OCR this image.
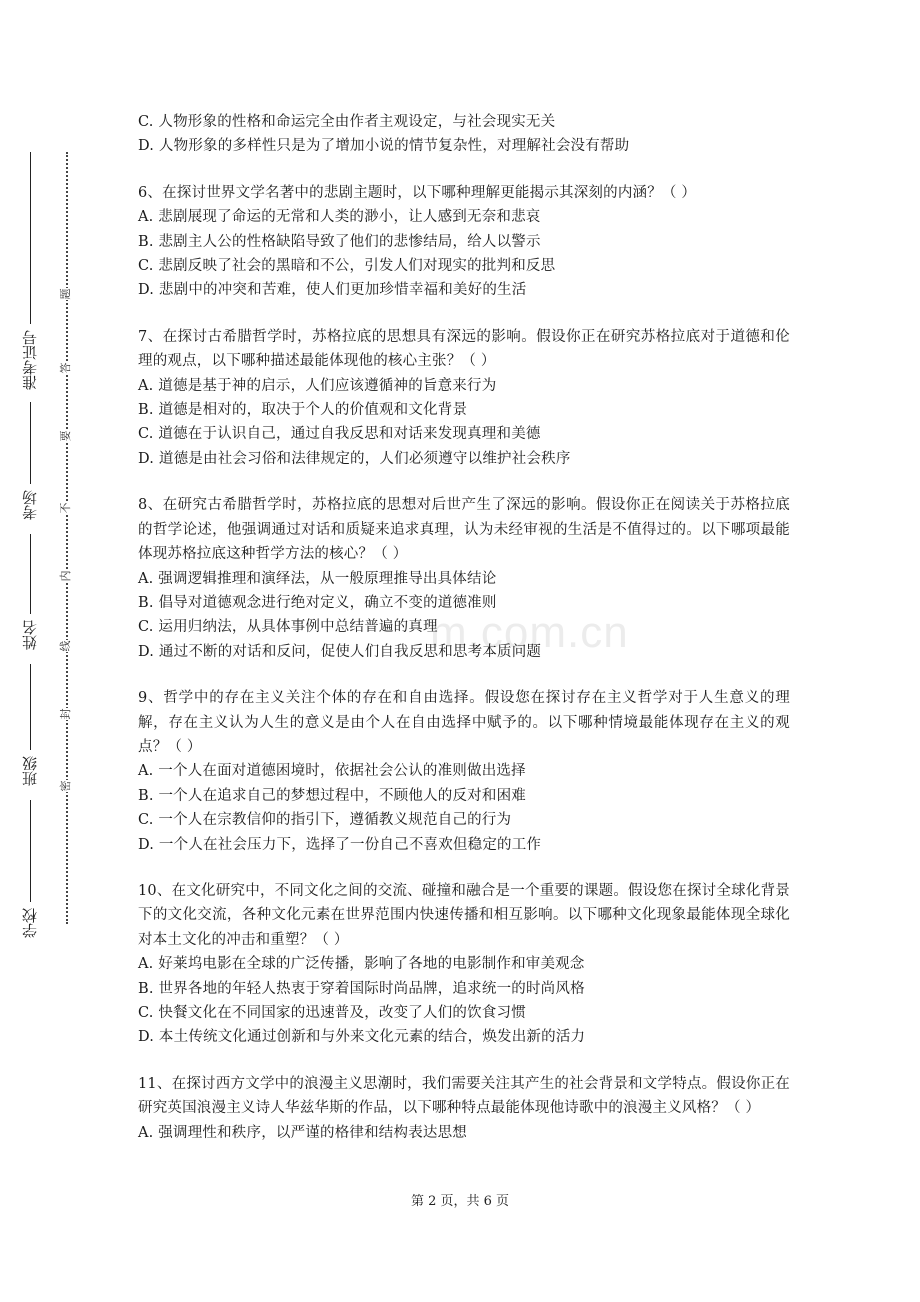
准考证号
考场
姓名
班级
学校
题
答
要
不
内
线
封
密
m.com.cn
C. 人物形象的性格和命运完全由作者主观设定，与社会现实无关
D. 人物形象的多样性只是为了增加小说的情节复杂性，对理解社会没有帮助
6、在探讨世界文学名著中的悲剧主题时，以下哪种理解更能揭示其深刻的内涵？（ ）
A. 悲剧展现了命运的无常和人类的渺小，让人感到无奈和悲哀
B. 悲剧主人公的性格缺陷导致了他们的悲惨结局，给人以警示
C. 悲剧反映了社会的黑暗和不公，引发人们对现实的批判和反思
D. 悲剧中的冲突和苦难，使人们更加珍惜幸福和美好的生活
7、在探讨古希腊哲学时，苏格拉底的思想具有深远的影响。假设你正在研究苏格拉底对于道德和伦理的观点，以下哪种描述最能体现他的核心主张？（ ）
A. 道德是基于神的启示，人们应该遵循神的旨意来行为
B. 道德是相对的，取决于个人的价值观和文化背景
C. 道德在于认识自己，通过自我反思和对话来发现真理和美德
D. 道德是由社会习俗和法律规定的，人们必须遵守以维护社会秩序
8、在研究古希腊哲学时，苏格拉底的思想对后世产生了深远的影响。假设你正在阅读关于苏格拉底的哲学论述，他强调通过对话和质疑来追求真理，认为未经审视的生活是不值得过的。以下哪项最能体现苏格拉底这种哲学方法的核心？（ ）
A. 强调逻辑推理和演绎法，从一般原理推导出具体结论
B. 倡导对道德观念进行绝对定义，确立不变的道德准则
C. 运用归纳法，从具体事例中总结普遍的真理
D. 通过不断的对话和反问，促使人们自我反思和思考本质问题
9、哲学中的存在主义关注个体的存在和自由选择。假设您在探讨存在主义哲学对于人生意义的理解，存在主义认为人生的意义是由个人在自由选择中赋予的。以下哪种情境最能体现存在主义的观点？（ ）
A. 一个人在面对道德困境时，依据社会公认的准则做出选择
B. 一个人在追求自己的梦想过程中，不顾他人的反对和困难
C. 一个人在宗教信仰的指引下，遵循教义规范自己的行为
D. 一个人在社会压力下，选择了一份自己不喜欢但稳定的工作
10、在文化研究中，不同文化之间的交流、碰撞和融合是一个重要的课题。假设您在探讨全球化背景下的文化交流，各种文化元素在世界范围内快速传播和相互影响。以下哪种文化现象最能体现全球化对本土文化的冲击和重塑？（ ）
A. 好莱坞电影在全球的广泛传播，影响了各地的电影制作和审美观念
B. 世界各地的年轻人热衷于穿着国际时尚品牌，追求统一的时尚风格
C. 快餐文化在不同国家的迅速普及，改变了人们的饮食习惯
D. 本土传统文化通过创新和与外来文化元素的结合，焕发出新的活力
11、在探讨西方文学中的浪漫主义思潮时，我们需要关注其产生的社会背景和文学特点。假设你正在研究英国浪漫主义诗人华兹华斯的作品，以下哪种特点最能体现他诗歌中的浪漫主义风格？（ ）
A. 强调理性和秩序，以严谨的格律和结构表达思想
第 2 页，共 6 页
